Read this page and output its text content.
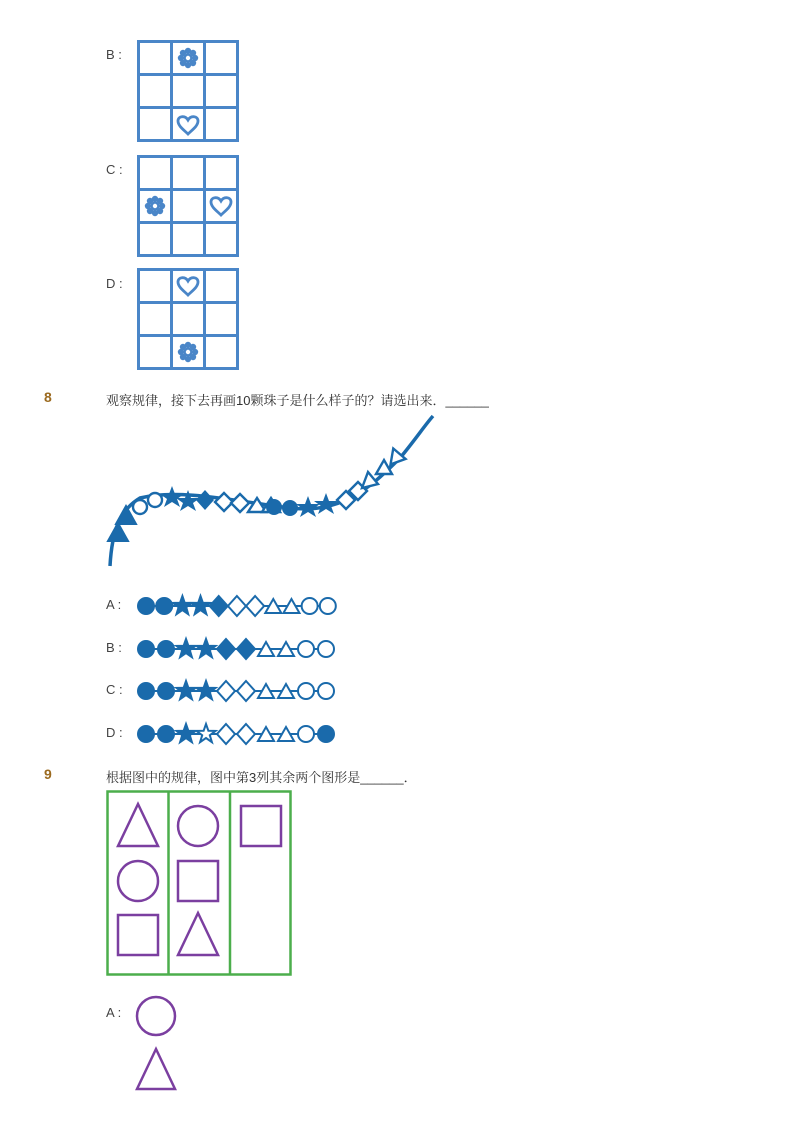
B :
C :
D :
8	观察规律，接下去再画10颗珠子是什么样子的？请选出来．______
A :
B :
C :
D :
9	根据图中的规律，图中第3列其余两个图形是______．
A :
